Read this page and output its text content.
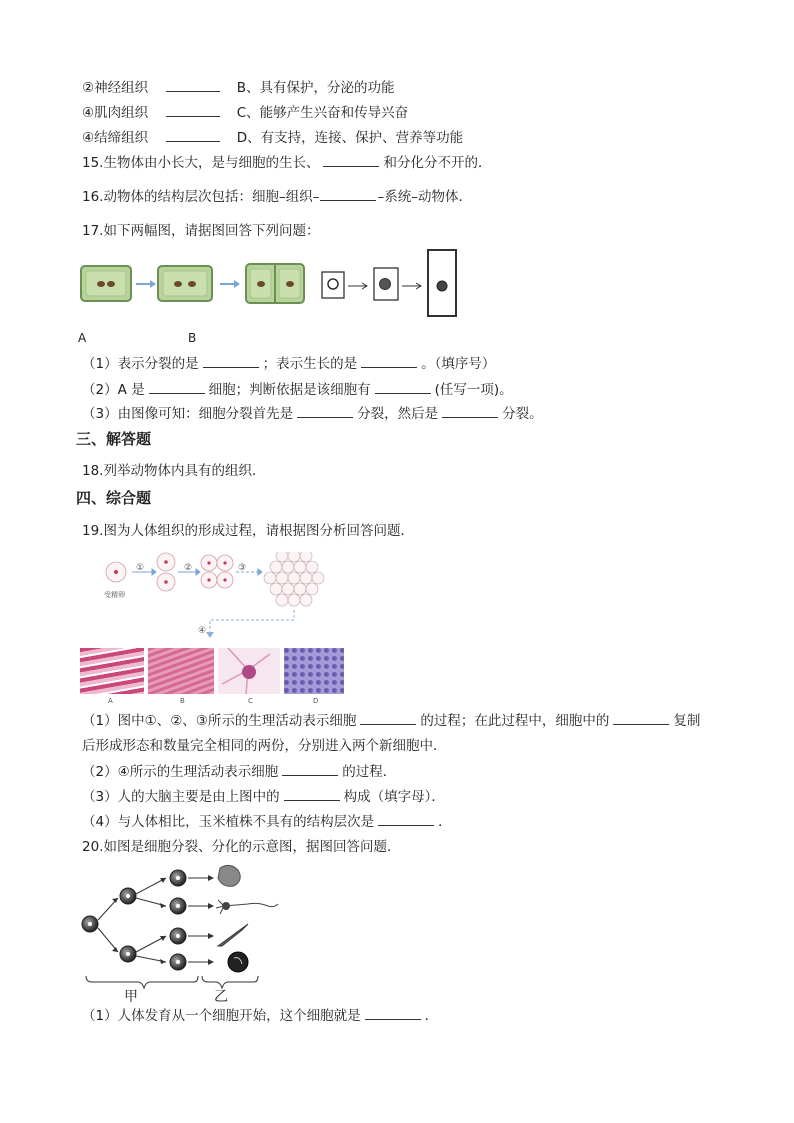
②神经组织	B、具有保护，分泌的功能
④肌肉组织	C、能够产生兴奋和传导兴奋
④结缔组织	D、有支持，连接、保护、营养等功能
15.生物体由小长大，是与细胞的生长、	和分化分不开的．
16.动物体的结构层次包括：细胞–组织–	–系统–动物体．
17.如下两幅图，请据图回答下列问题：
A	B
（1）表示分裂的是	；表示生长的是	。（填序号）
（2）A 是	细胞；判断依据是该细胞有	(任写一项)。
（3）由图像可知：细胞分裂首先是	分裂，然后是	分裂。
三、解答题
18.列举动物体内具有的组织．
四、综合题
19.图为人体组织的形成过程，请根据图分析回答问题．
受精卵
①	②	③
④
A	B	C	D
（1）图中①、②、③所示的生理活动表示细胞	的过程；在此过程中，细胞中的	复制
后形成形态和数量完全相同的两份，分别进入两个新细胞中．
（2）④所示的生理活动表示细胞	的过程．
（3）人的大脑主要是由上图中的	构成（填字母）．
（4）与人体相比，玉米植株不具有的结构层次是	．
20.如图是细胞分裂、分化的示意图，据图回答问题．
甲	乙
（1）人体发育从一个细胞开始，这个细胞就是	．
